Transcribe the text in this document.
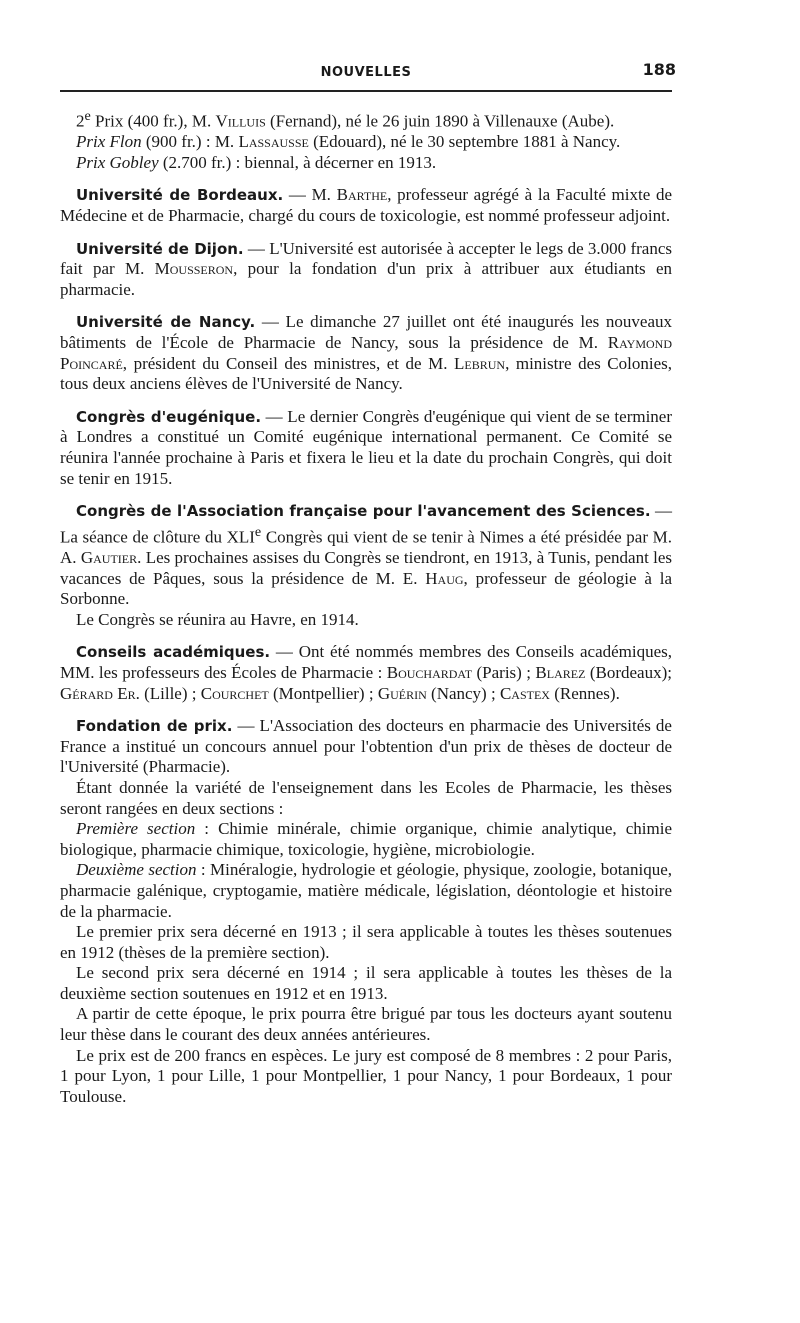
NOUVELLES	188

2e Prix (400 fr.), M. Villuis (Fernand), né le 26 juin 1890 à Villenauxe (Aube).

Prix Flon (900 fr.) : M. Lassausse (Edouard), né le 30 septembre 1881 à Nancy.

Prix Gobley (2.700 fr.) : biennal, à décerner en 1913.

Université de Bordeaux. — M. Barthe, professeur agrégé à la Faculté mixte de Médecine et de Pharmacie, chargé du cours de toxicologie, est nommé professeur adjoint.

Université de Dijon. — L'Université est autorisée à accepter le legs de 3.000 francs fait par M. Mousseron, pour la fondation d'un prix à attribuer aux étudiants en pharmacie.

Université de Nancy. — Le dimanche 27 juillet ont été inaugurés les nouveaux bâtiments de l'École de Pharmacie de Nancy, sous la présidence de M. Raymond Poincaré, président du Conseil des ministres, et de M. Lebrun, ministre des Colonies, tous deux anciens élèves de l'Université de Nancy.

Congrès d'eugénique. — Le dernier Congrès d'eugénique qui vient de se terminer à Londres a constitué un Comité eugénique international permanent. Ce Comité se réunira l'année prochaine à Paris et fixera le lieu et la date du prochain Congrès, qui doit se tenir en 1915.

Congrès de l'Association française pour l'avancement des Sciences. — La séance de clôture du XLIe Congrès qui vient de se tenir à Nimes a été présidée par M. A. Gautier. Les prochaines assises du Congrès se tiendront, en 1913, à Tunis, pendant les vacances de Pâques, sous la présidence de M. E. Haug, professeur de géologie à la Sorbonne.

Le Congrès se réunira au Havre, en 1914.

Conseils académiques. — Ont été nommés membres des Conseils académiques, MM. les professeurs des Écoles de Pharmacie : Bouchardat (Paris) ; Blarez (Bordeaux); Gérard Er. (Lille) ; Courchet (Montpellier) ; Guérin (Nancy) ; Castex (Rennes).

Fondation de prix. — L'Association des docteurs en pharmacie des Universités de France a institué un concours annuel pour l'obtention d'un prix de thèses de docteur de l'Université (Pharmacie).

Étant donnée la variété de l'enseignement dans les Ecoles de Pharmacie, les thèses seront rangées en deux sections :

Première section : Chimie minérale, chimie organique, chimie analytique, chimie biologique, pharmacie chimique, toxicologie, hygiène, microbiologie.

Deuxième section : Minéralogie, hydrologie et géologie, physique, zoologie, botanique, pharmacie galénique, cryptogamie, matière médicale, législation, déontologie et histoire de la pharmacie.

Le premier prix sera décerné en 1913 ; il sera applicable à toutes les thèses soutenues en 1912 (thèses de la première section).

Le second prix sera décerné en 1914 ; il sera applicable à toutes les thèses de la deuxième section soutenues en 1912 et en 1913.

A partir de cette époque, le prix pourra être brigué par tous les docteurs ayant soutenu leur thèse dans le courant des deux années antérieures.

Le prix est de 200 francs en espèces. Le jury est composé de 8 membres : 2 pour Paris, 1 pour Lyon, 1 pour Lille, 1 pour Montpellier, 1 pour Nancy, 1 pour Bordeaux, 1 pour Toulouse.
